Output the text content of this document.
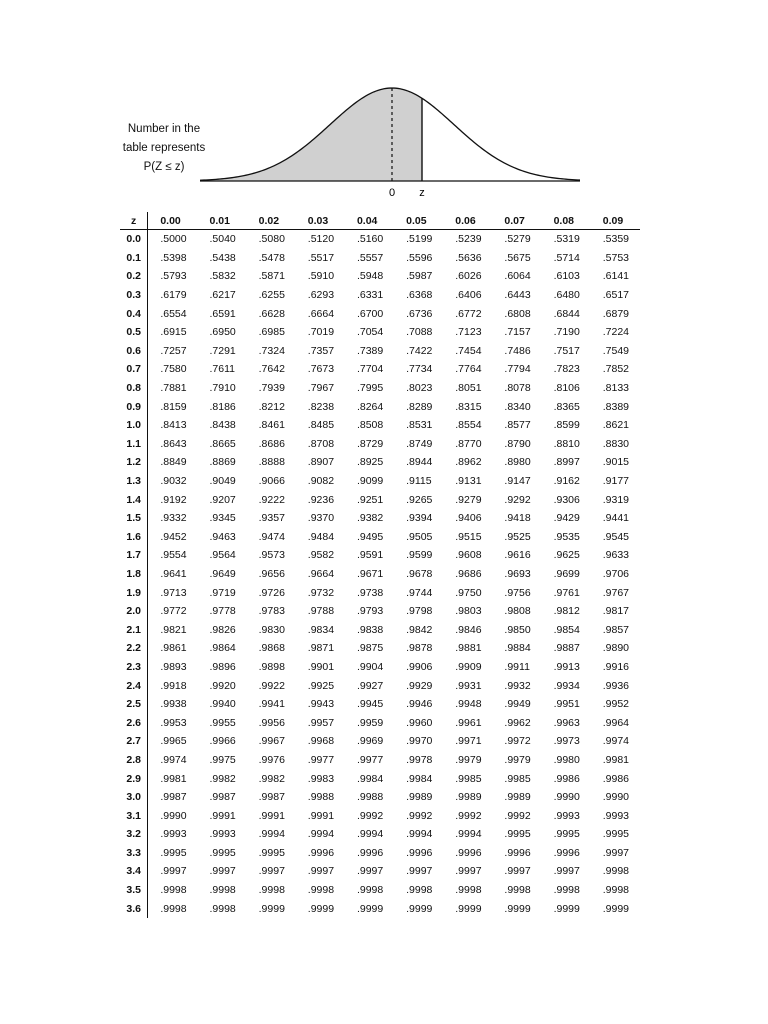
Number in the
table represents
P(Z ≤ z)
0 z
z	0.00	0.01	0.02	0.03	0.04	0.05	0.06	0.07	0.08	0.09
0.0	.5000	.5040	.5080	.5120	.5160	.5199	.5239	.5279	.5319	.5359
0.1	.5398	.5438	.5478	.5517	.5557	.5596	.5636	.5675	.5714	.5753
0.2	.5793	.5832	.5871	.5910	.5948	.5987	.6026	.6064	.6103	.6141
0.3	.6179	.6217	.6255	.6293	.6331	.6368	.6406	.6443	.6480	.6517
0.4	.6554	.6591	.6628	.6664	.6700	.6736	.6772	.6808	.6844	.6879
0.5	.6915	.6950	.6985	.7019	.7054	.7088	.7123	.7157	.7190	.7224
0.6	.7257	.7291	.7324	.7357	.7389	.7422	.7454	.7486	.7517	.7549
0.7	.7580	.7611	.7642	.7673	.7704	.7734	.7764	.7794	.7823	.7852
0.8	.7881	.7910	.7939	.7967	.7995	.8023	.8051	.8078	.8106	.8133
0.9	.8159	.8186	.8212	.8238	.8264	.8289	.8315	.8340	.8365	.8389
1.0	.8413	.8438	.8461	.8485	.8508	.8531	.8554	.8577	.8599	.8621
1.1	.8643	.8665	.8686	.8708	.8729	.8749	.8770	.8790	.8810	.8830
1.2	.8849	.8869	.8888	.8907	.8925	.8944	.8962	.8980	.8997	.9015
1.3	.9032	.9049	.9066	.9082	.9099	.9115	.9131	.9147	.9162	.9177
1.4	.9192	.9207	.9222	.9236	.9251	.9265	.9279	.9292	.9306	.9319
1.5	.9332	.9345	.9357	.9370	.9382	.9394	.9406	.9418	.9429	.9441
1.6	.9452	.9463	.9474	.9484	.9495	.9505	.9515	.9525	.9535	.9545
1.7	.9554	.9564	.9573	.9582	.9591	.9599	.9608	.9616	.9625	.9633
1.8	.9641	.9649	.9656	.9664	.9671	.9678	.9686	.9693	.9699	.9706
1.9	.9713	.9719	.9726	.9732	.9738	.9744	.9750	.9756	.9761	.9767
2.0	.9772	.9778	.9783	.9788	.9793	.9798	.9803	.9808	.9812	.9817
2.1	.9821	.9826	.9830	.9834	.9838	.9842	.9846	.9850	.9854	.9857
2.2	.9861	.9864	.9868	.9871	.9875	.9878	.9881	.9884	.9887	.9890
2.3	.9893	.9896	.9898	.9901	.9904	.9906	.9909	.9911	.9913	.9916
2.4	.9918	.9920	.9922	.9925	.9927	.9929	.9931	.9932	.9934	.9936
2.5	.9938	.9940	.9941	.9943	.9945	.9946	.9948	.9949	.9951	.9952
2.6	.9953	.9955	.9956	.9957	.9959	.9960	.9961	.9962	.9963	.9964
2.7	.9965	.9966	.9967	.9968	.9969	.9970	.9971	.9972	.9973	.9974
2.8	.9974	.9975	.9976	.9977	.9977	.9978	.9979	.9979	.9980	.9981
2.9	.9981	.9982	.9982	.9983	.9984	.9984	.9985	.9985	.9986	.9986
3.0	.9987	.9987	.9987	.9988	.9988	.9989	.9989	.9989	.9990	.9990
3.1	.9990	.9991	.9991	.9991	.9992	.9992	.9992	.9992	.9993	.9993
3.2	.9993	.9993	.9994	.9994	.9994	.9994	.9994	.9995	.9995	.9995
3.3	.9995	.9995	.9995	.9996	.9996	.9996	.9996	.9996	.9996	.9997
3.4	.9997	.9997	.9997	.9997	.9997	.9997	.9997	.9997	.9997	.9998
3.5	.9998	.9998	.9998	.9998	.9998	.9998	.9998	.9998	.9998	.9998
3.6	.9998	.9998	.9999	.9999	.9999	.9999	.9999	.9999	.9999	.9999
